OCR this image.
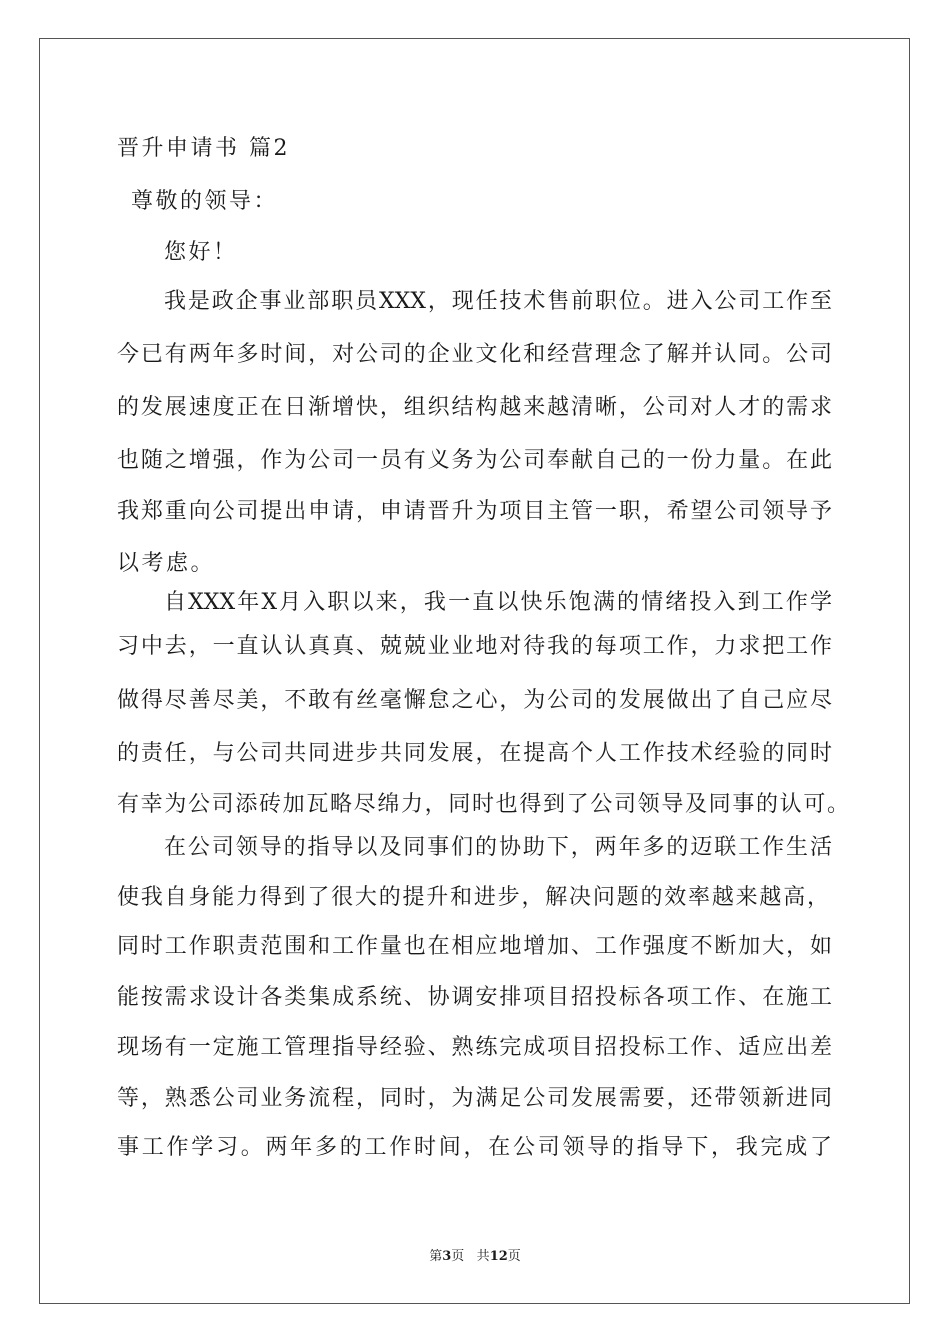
晋升申请书 篇2
尊敬的领导：
您好！
我是政企事业部职员XXX，现任技术售前职位。进入公司工作至
今已有两年多时间，对公司的企业文化和经营理念了解并认同。公司
的发展速度正在日渐增快，组织结构越来越清晰，公司对人才的需求
也随之增强，作为公司一员有义务为公司奉献自己的一份力量。在此
我郑重向公司提出申请，申请晋升为项目主管一职，希望公司领导予
以考虑。
自XXX年X月入职以来，我一直以快乐饱满的情绪投入到工作学
习中去，一直认认真真、兢兢业业地对待我的每项工作，力求把工作
做得尽善尽美，不敢有丝毫懈怠之心，为公司的发展做出了自己应尽
的责任，与公司共同进步共同发展，在提高个人工作技术经验的同时
有幸为公司添砖加瓦略尽绵力，同时也得到了公司领导及同事的认可。
在公司领导的指导以及同事们的协助下，两年多的迈联工作生活
使我自身能力得到了很大的提升和进步，解决问题的效率越来越高，
同时工作职责范围和工作量也在相应地增加、工作强度不断加大，如
能按需求设计各类集成系统、协调安排项目招投标各项工作、在施工
现场有一定施工管理指导经验、熟练完成项目招投标工作、适应出差
等，熟悉公司业务流程，同时，为满足公司发展需要，还带领新进同
事工作学习。两年多的工作时间，在公司领导的指导下，我完成了
第3页 共12页
